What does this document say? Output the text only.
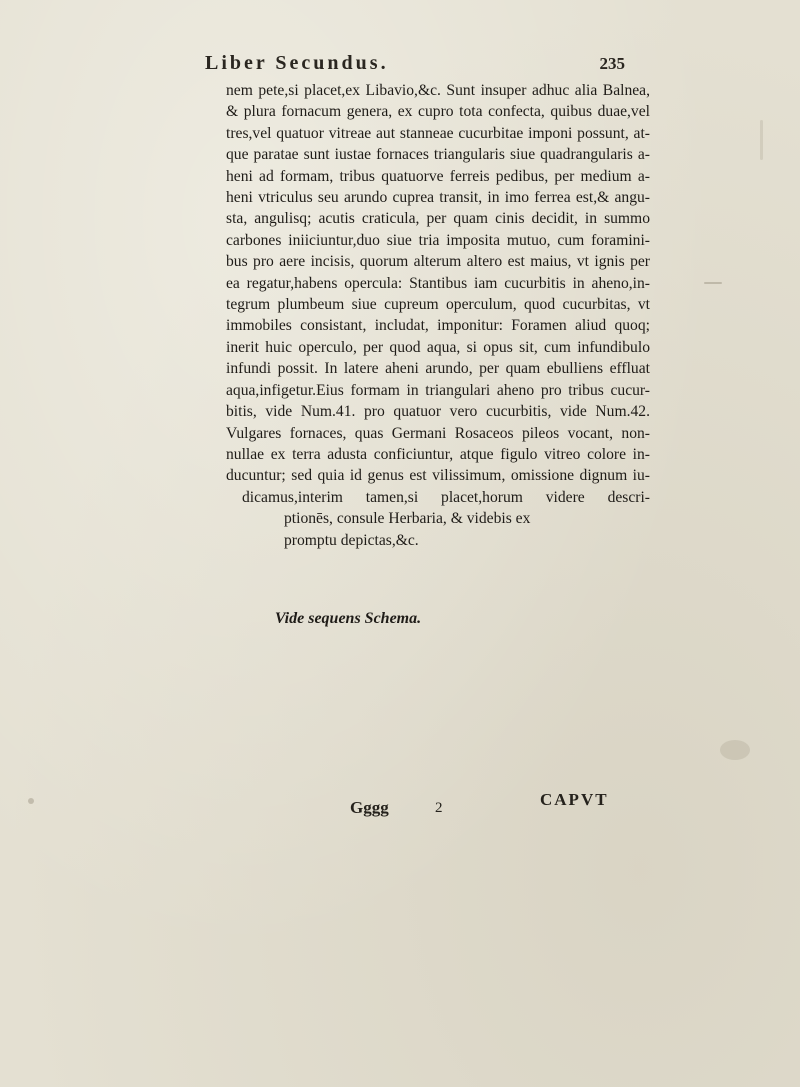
Liber Secundus.	235
nem pete,si placet,ex Libavio,&c. Sunt insuper adhuc alia Balnea,
& plura fornacum genera, ex cupro tota confecta, quibus duae,vel
tres,vel quatuor vitreae aut stanneae cucurbitae imponi possunt, at-
que paratae sunt iustae fornaces triangularis siue quadrangularis a-
heni ad formam, tribus quatuorve ferreis pedibus, per medium a-
heni vtriculus seu arundo cuprea transit, in imo ferrea est,& angu-
sta, angulisq; acutis craticula, per quam cinis decidit, in summo
carbones iniiciuntur,duo siue tria imposita mutuo, cum foramini-
bus pro aere incisis, quorum alterum altero est maius, vt ignis per
ea regatur,habens opercula: Stantibus iam cucurbitis in aheno,in-
tegrum plumbeum siue cupreum operculum, quod cucurbitas, vt
immobiles consistant, includat, imponitur: Foramen aliud quoq;
inerit huic operculo, per quod aqua, si opus sit, cum infundibulo
infundi possit. In latere aheni arundo, per quam ebulliens effluat
aqua,infigetur.Eius formam in triangulari aheno pro tribus cucur-
bitis, vide Num.41. pro quatuor vero cucurbitis, vide Num.42.
Vulgares fornaces, quas Germani Rosaceos pileos vocant, non-
nullae ex terra adusta conficiuntur, atque figulo vitreo colore in-
ducuntur; sed quia id genus est vilissimum, omissione dignum iu-
dicamus,interim tamen,si placet,horum videre descri-
ptionēs, consule Herbaria, & videbis ex
promptu depictas,&c.
Vide sequens Schema.
Gggg	2	CAPVT
